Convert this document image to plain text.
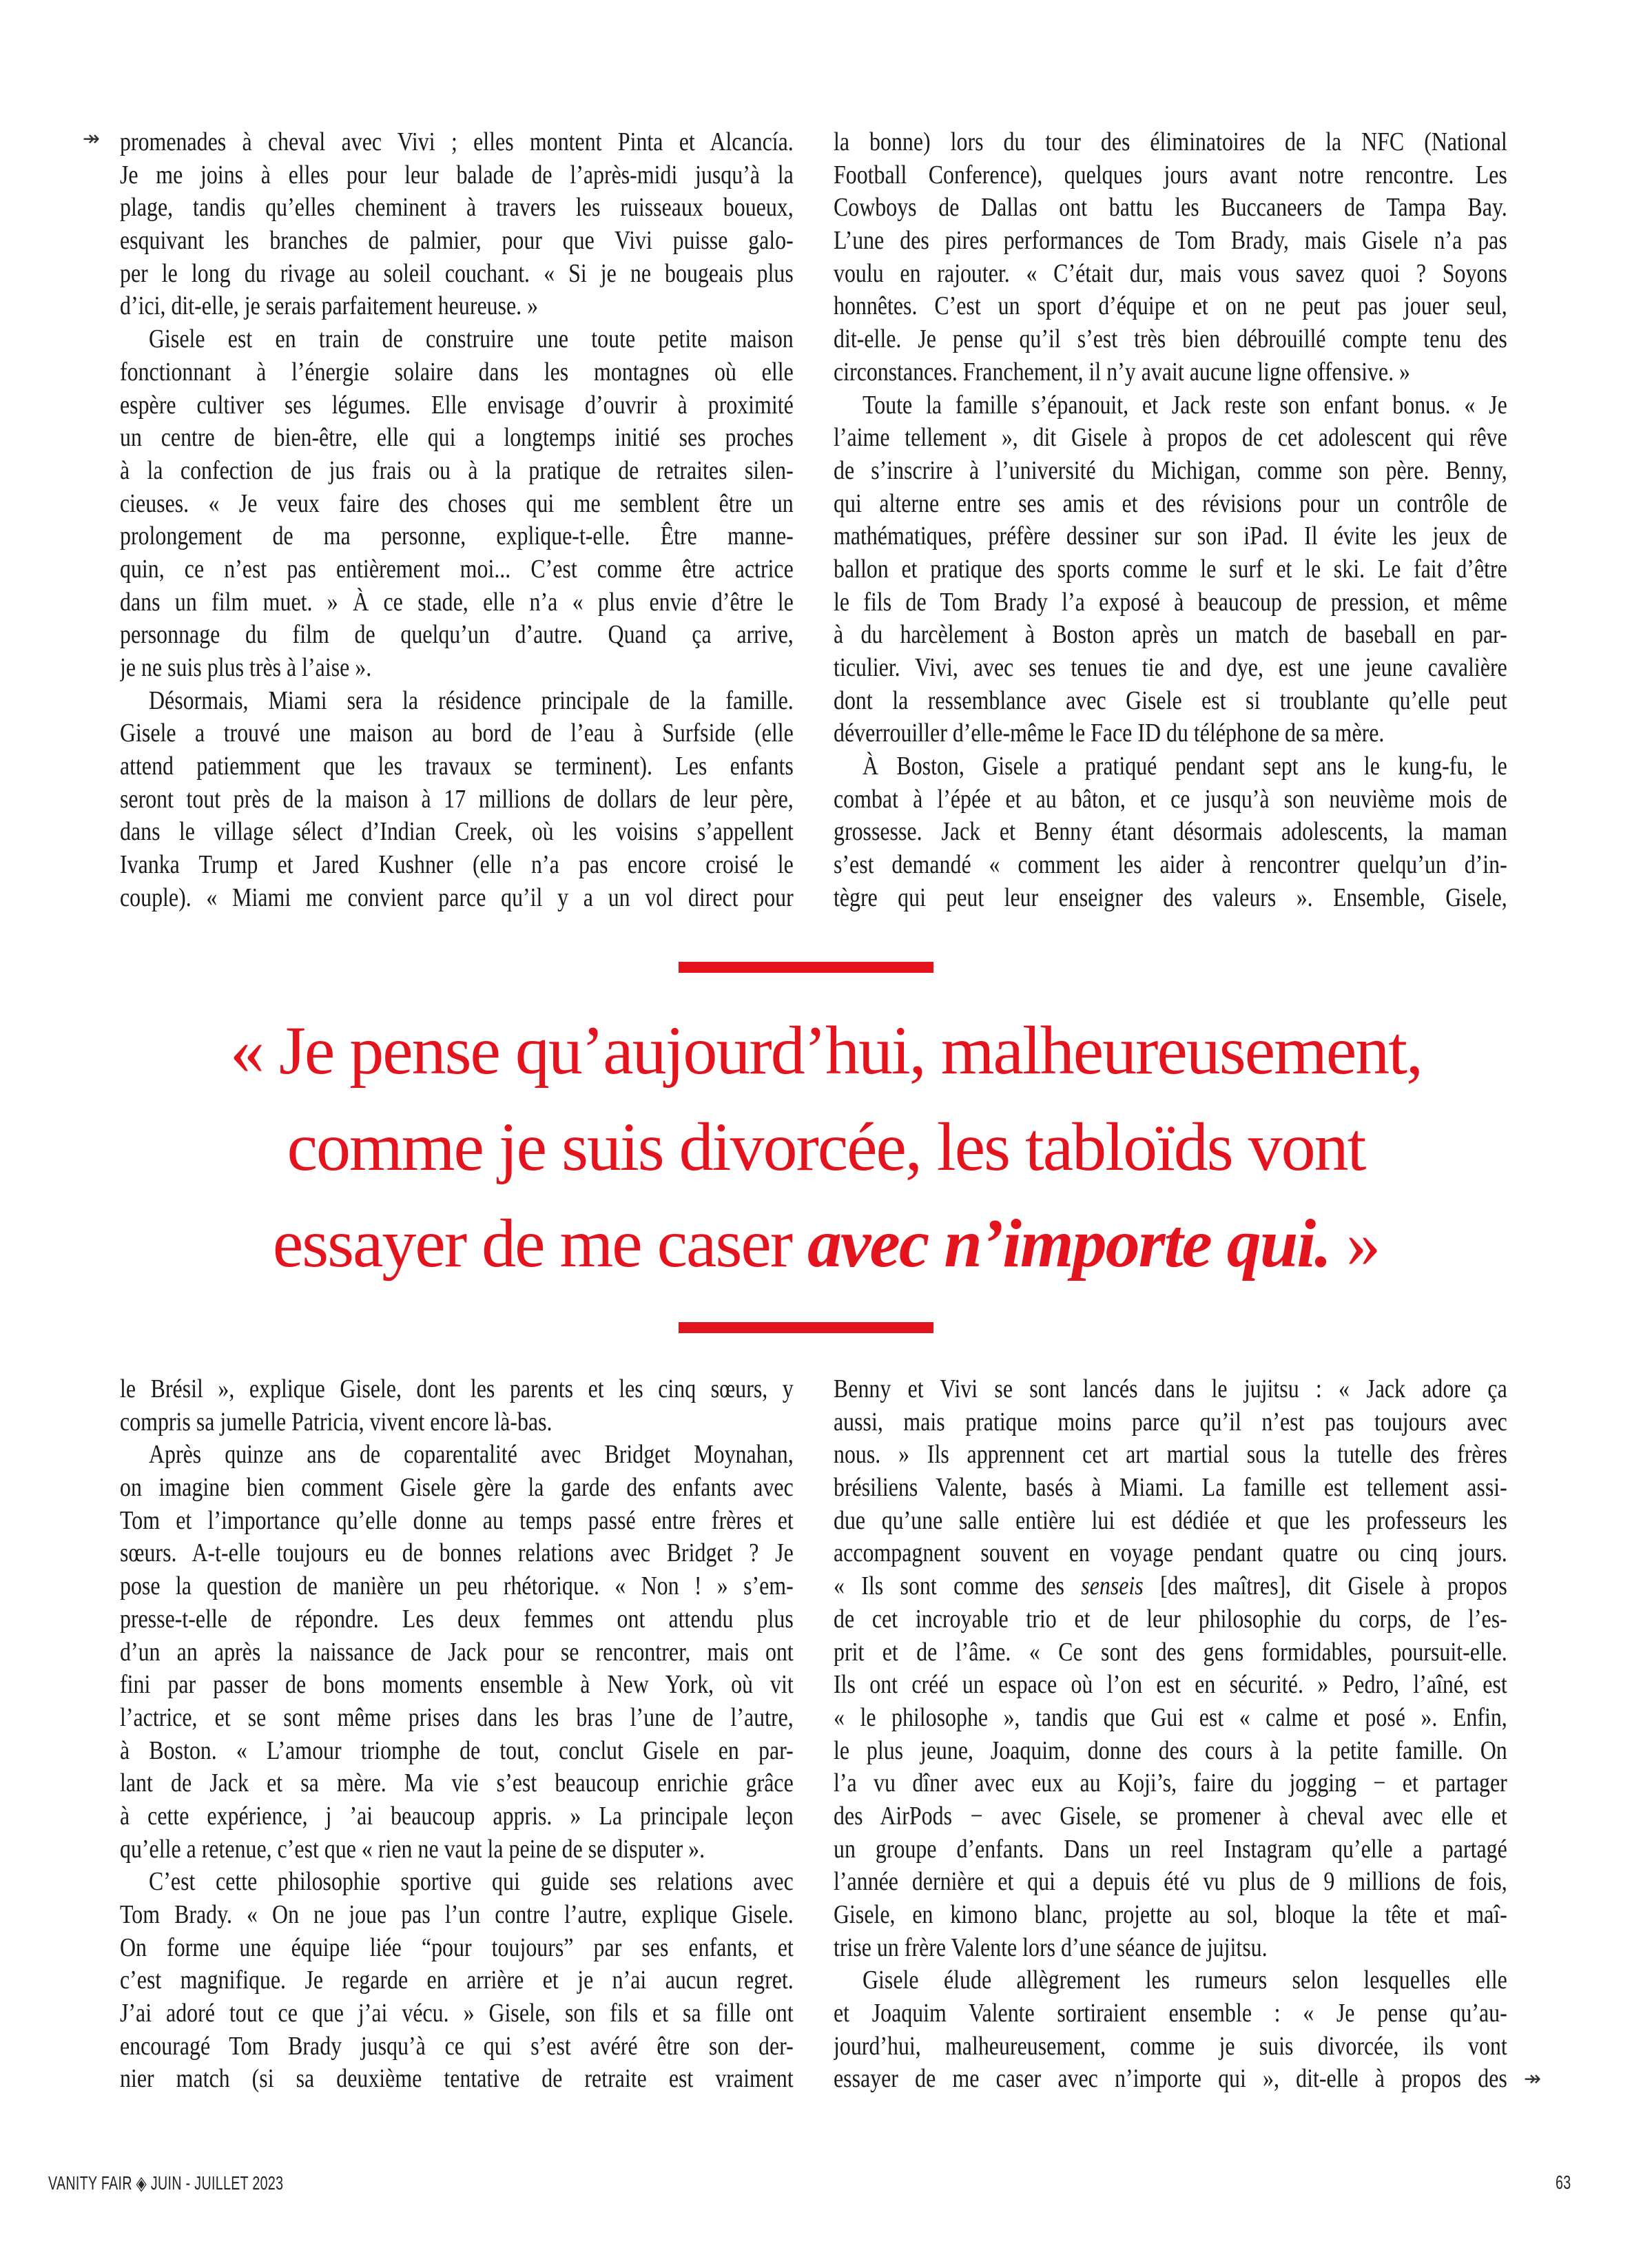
↠
↠
promenades à cheval avec Vivi ; elles montent Pinta et Alcancía.
Je me joins à elles pour leur balade de l’après-midi jusqu’à la
plage, tandis qu’elles cheminent à travers les ruisseaux boueux,
esquivant les branches de palmier, pour que Vivi puisse galo-
per le long du rivage au soleil couchant. « Si je ne bougeais plus
d’ici, dit-elle, je serais parfaitement heureuse. »
Gisele est en train de construire une toute petite maison
fonctionnant à l’énergie solaire dans les montagnes où elle
espère cultiver ses légumes. Elle envisage d’ouvrir à proximité
un centre de bien-être, elle qui a longtemps initié ses proches
à la confection de jus frais ou à la pratique de retraites silen-
cieuses. « Je veux faire des choses qui me semblent être un
prolongement de ma personne, explique-t-elle. Être manne-
quin, ce n’est pas entièrement moi... C’est comme être actrice
dans un film muet. » À ce stade, elle n’a « plus envie d’être le
personnage du film de quelqu’un d’autre. Quand ça arrive,
je ne suis plus très à l’aise ».
Désormais, Miami sera la résidence principale de la famille.
Gisele a trouvé une maison au bord de l’eau à Surfside (elle
attend patiemment que les travaux se terminent). Les enfants
seront tout près de la maison à 17 millions de dollars de leur père,
dans le village sélect d’Indian Creek, où les voisins s’appellent
Ivanka Trump et Jared Kushner (elle n’a pas encore croisé le
couple). « Miami me convient parce qu’il y a un vol direct pour
la bonne) lors du tour des éliminatoires de la NFC (National
Football Conference), quelques jours avant notre rencontre. Les
Cowboys de Dallas ont battu les Buccaneers de Tampa Bay.
L’une des pires performances de Tom Brady, mais Gisele n’a pas
voulu en rajouter. « C’était dur, mais vous savez quoi ? Soyons
honnêtes. C’est un sport d’équipe et on ne peut pas jouer seul,
dit-elle. Je pense qu’il s’est très bien débrouillé compte tenu des
circonstances. Franchement, il n’y avait aucune ligne offensive. »
Toute la famille s’épanouit, et Jack reste son enfant bonus. « Je
l’aime tellement », dit Gisele à propos de cet adolescent qui rêve
de s’inscrire à l’université du Michigan, comme son père. Benny,
qui alterne entre ses amis et des révisions pour un contrôle de
mathématiques, préfère dessiner sur son iPad. Il évite les jeux de
ballon et pratique des sports comme le surf et le ski. Le fait d’être
le fils de Tom Brady l’a exposé à beaucoup de pression, et même
à du harcèlement à Boston après un match de baseball en par-
ticulier. Vivi, avec ses tenues tie and dye, est une jeune cavalière
dont la ressemblance avec Gisele est si troublante qu’elle peut
déverrouiller d’elle-même le Face ID du téléphone de sa mère.
À Boston, Gisele a pratiqué pendant sept ans le kung-fu, le
combat à l’épée et au bâton, et ce jusqu’à son neuvième mois de
grossesse. Jack et Benny étant désormais adolescents, la maman
s’est demandé « comment les aider à rencontrer quelqu’un d’in-
tègre qui peut leur enseigner des valeurs ». Ensemble, Gisele,
le Brésil », explique Gisele, dont les parents et les cinq sœurs, y
compris sa jumelle Patricia, vivent encore là-bas.
Après quinze ans de coparentalité avec Bridget Moynahan,
on imagine bien comment Gisele gère la garde des enfants avec
Tom et l’importance qu’elle donne au temps passé entre frères et
sœurs. A-t-elle toujours eu de bonnes relations avec Bridget ? Je
pose la question de manière un peu rhétorique. « Non ! » s’em-
presse-t-elle de répondre. Les deux femmes ont attendu plus
d’un an après la naissance de Jack pour se rencontrer, mais ont
fini par passer de bons moments ensemble à New York, où vit
l’actrice, et se sont même prises dans les bras l’une de l’autre,
à Boston. « L’amour triomphe de tout, conclut Gisele en par-
lant de Jack et sa mère. Ma vie s’est beaucoup enrichie grâce
à cette expérience, j ’ai beaucoup appris. » La principale leçon
qu’elle a retenue, c’est que « rien ne vaut la peine de se disputer ».
C’est cette philosophie sportive qui guide ses relations avec
Tom Brady. « On ne joue pas l’un contre l’autre, explique Gisele.
On forme une équipe liée “pour toujours” par ses enfants, et
c’est magnifique. Je regarde en arrière et je n’ai aucun regret.
J’ai adoré tout ce que j’ai vécu. » Gisele, son fils et sa fille ont
encouragé Tom Brady jusqu’à ce qui s’est avéré être son der-
nier match (si sa deuxième tentative de retraite est vraiment
Benny et Vivi se sont lancés dans le jujitsu : « Jack adore ça
aussi, mais pratique moins parce qu’il n’est pas toujours avec
nous. » Ils apprennent cet art martial sous la tutelle des frères
brésiliens Valente, basés à Miami. La famille est tellement assi-
due qu’une salle entière lui est dédiée et que les professeurs les
accompagnent souvent en voyage pendant quatre ou cinq jours.
« Ils sont comme des senseis [des maîtres], dit Gisele à propos
de cet incroyable trio et de leur philosophie du corps, de l’es-
prit et de l’âme. « Ce sont des gens formidables, poursuit-elle.
Ils ont créé un espace où l’on est en sécurité. » Pedro, l’aîné, est
« le philosophe », tandis que Gui est « calme et posé ». Enfin,
le plus jeune, Joaquim, donne des cours à la petite famille. On
l’a vu dîner avec eux au Koji’s, faire du jogging − et partager
des AirPods − avec Gisele, se promener à cheval avec elle et
un groupe d’enfants. Dans un reel Instagram qu’elle a partagé
l’année dernière et qui a depuis été vu plus de 9 millions de fois,
Gisele, en kimono blanc, projette au sol, bloque la tête et maî-
trise un frère Valente lors d’une séance de jujitsu.
Gisele élude allègrement les rumeurs selon lesquelles elle
et Joaquim Valente sortiraient ensemble : « Je pense qu’au-
jourd’hui, malheureusement, comme je suis divorcée, ils vont
essayer de me caser avec n’importe qui », dit-elle à propos des
« Je pense qu’aujourd’hui, malheureusement,
comme je suis divorcée, les tabloïds vont
essayer de me caser avec n’importe qui. »
VANITY FAIR ◈ JUIN - JUILLET 2023	63
